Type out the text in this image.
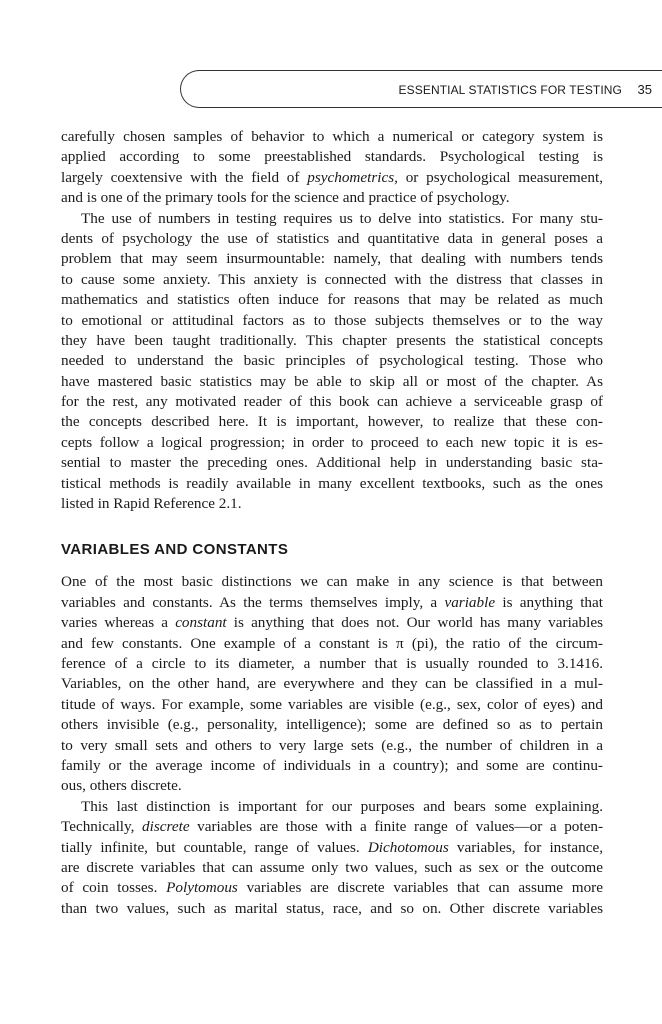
ESSENTIAL STATISTICS FOR TESTING 35
carefully chosen samples of behavior to which a numerical or category system is
applied according to some preestablished standards. Psychological testing is
largely coextensive with the field of psychometrics, or psychological measurement,
and is one of the primary tools for the science and practice of psychology.
The use of numbers in testing requires us to delve into statistics. For many stu-
dents of psychology the use of statistics and quantitative data in general poses a
problem that may seem insurmountable: namely, that dealing with numbers tends
to cause some anxiety. This anxiety is connected with the distress that classes in
mathematics and statistics often induce for reasons that may be related as much
to emotional or attitudinal factors as to those subjects themselves or to the way
they have been taught traditionally. This chapter presents the statistical concepts
needed to understand the basic principles of psychological testing. Those who
have mastered basic statistics may be able to skip all or most of the chapter. As
for the rest, any motivated reader of this book can achieve a serviceable grasp of
the concepts described here. It is important, however, to realize that these con-
cepts follow a logical progression; in order to proceed to each new topic it is es-
sential to master the preceding ones. Additional help in understanding basic sta-
tistical methods is readily available in many excellent textbooks, such as the ones
listed in Rapid Reference 2.1.
VARIABLES AND CONSTANTS
One of the most basic distinctions we can make in any science is that between
variables and constants. As the terms themselves imply, a variable is anything that
varies whereas a constant is anything that does not. Our world has many variables
and few constants. One example of a constant is π (pi), the ratio of the circum-
ference of a circle to its diameter, a number that is usually rounded to 3.1416.
Variables, on the other hand, are everywhere and they can be classified in a mul-
titude of ways. For example, some variables are visible (e.g., sex, color of eyes) and
others invisible (e.g., personality, intelligence); some are defined so as to pertain
to very small sets and others to very large sets (e.g., the number of children in a
family or the average income of individuals in a country); and some are continu-
ous, others discrete.
This last distinction is important for our purposes and bears some explaining.
Technically, discrete variables are those with a finite range of values—or a poten-
tially infinite, but countable, range of values. Dichotomous variables, for instance,
are discrete variables that can assume only two values, such as sex or the outcome
of coin tosses. Polytomous variables are discrete variables that can assume more
than two values, such as marital status, race, and so on. Other discrete variables
